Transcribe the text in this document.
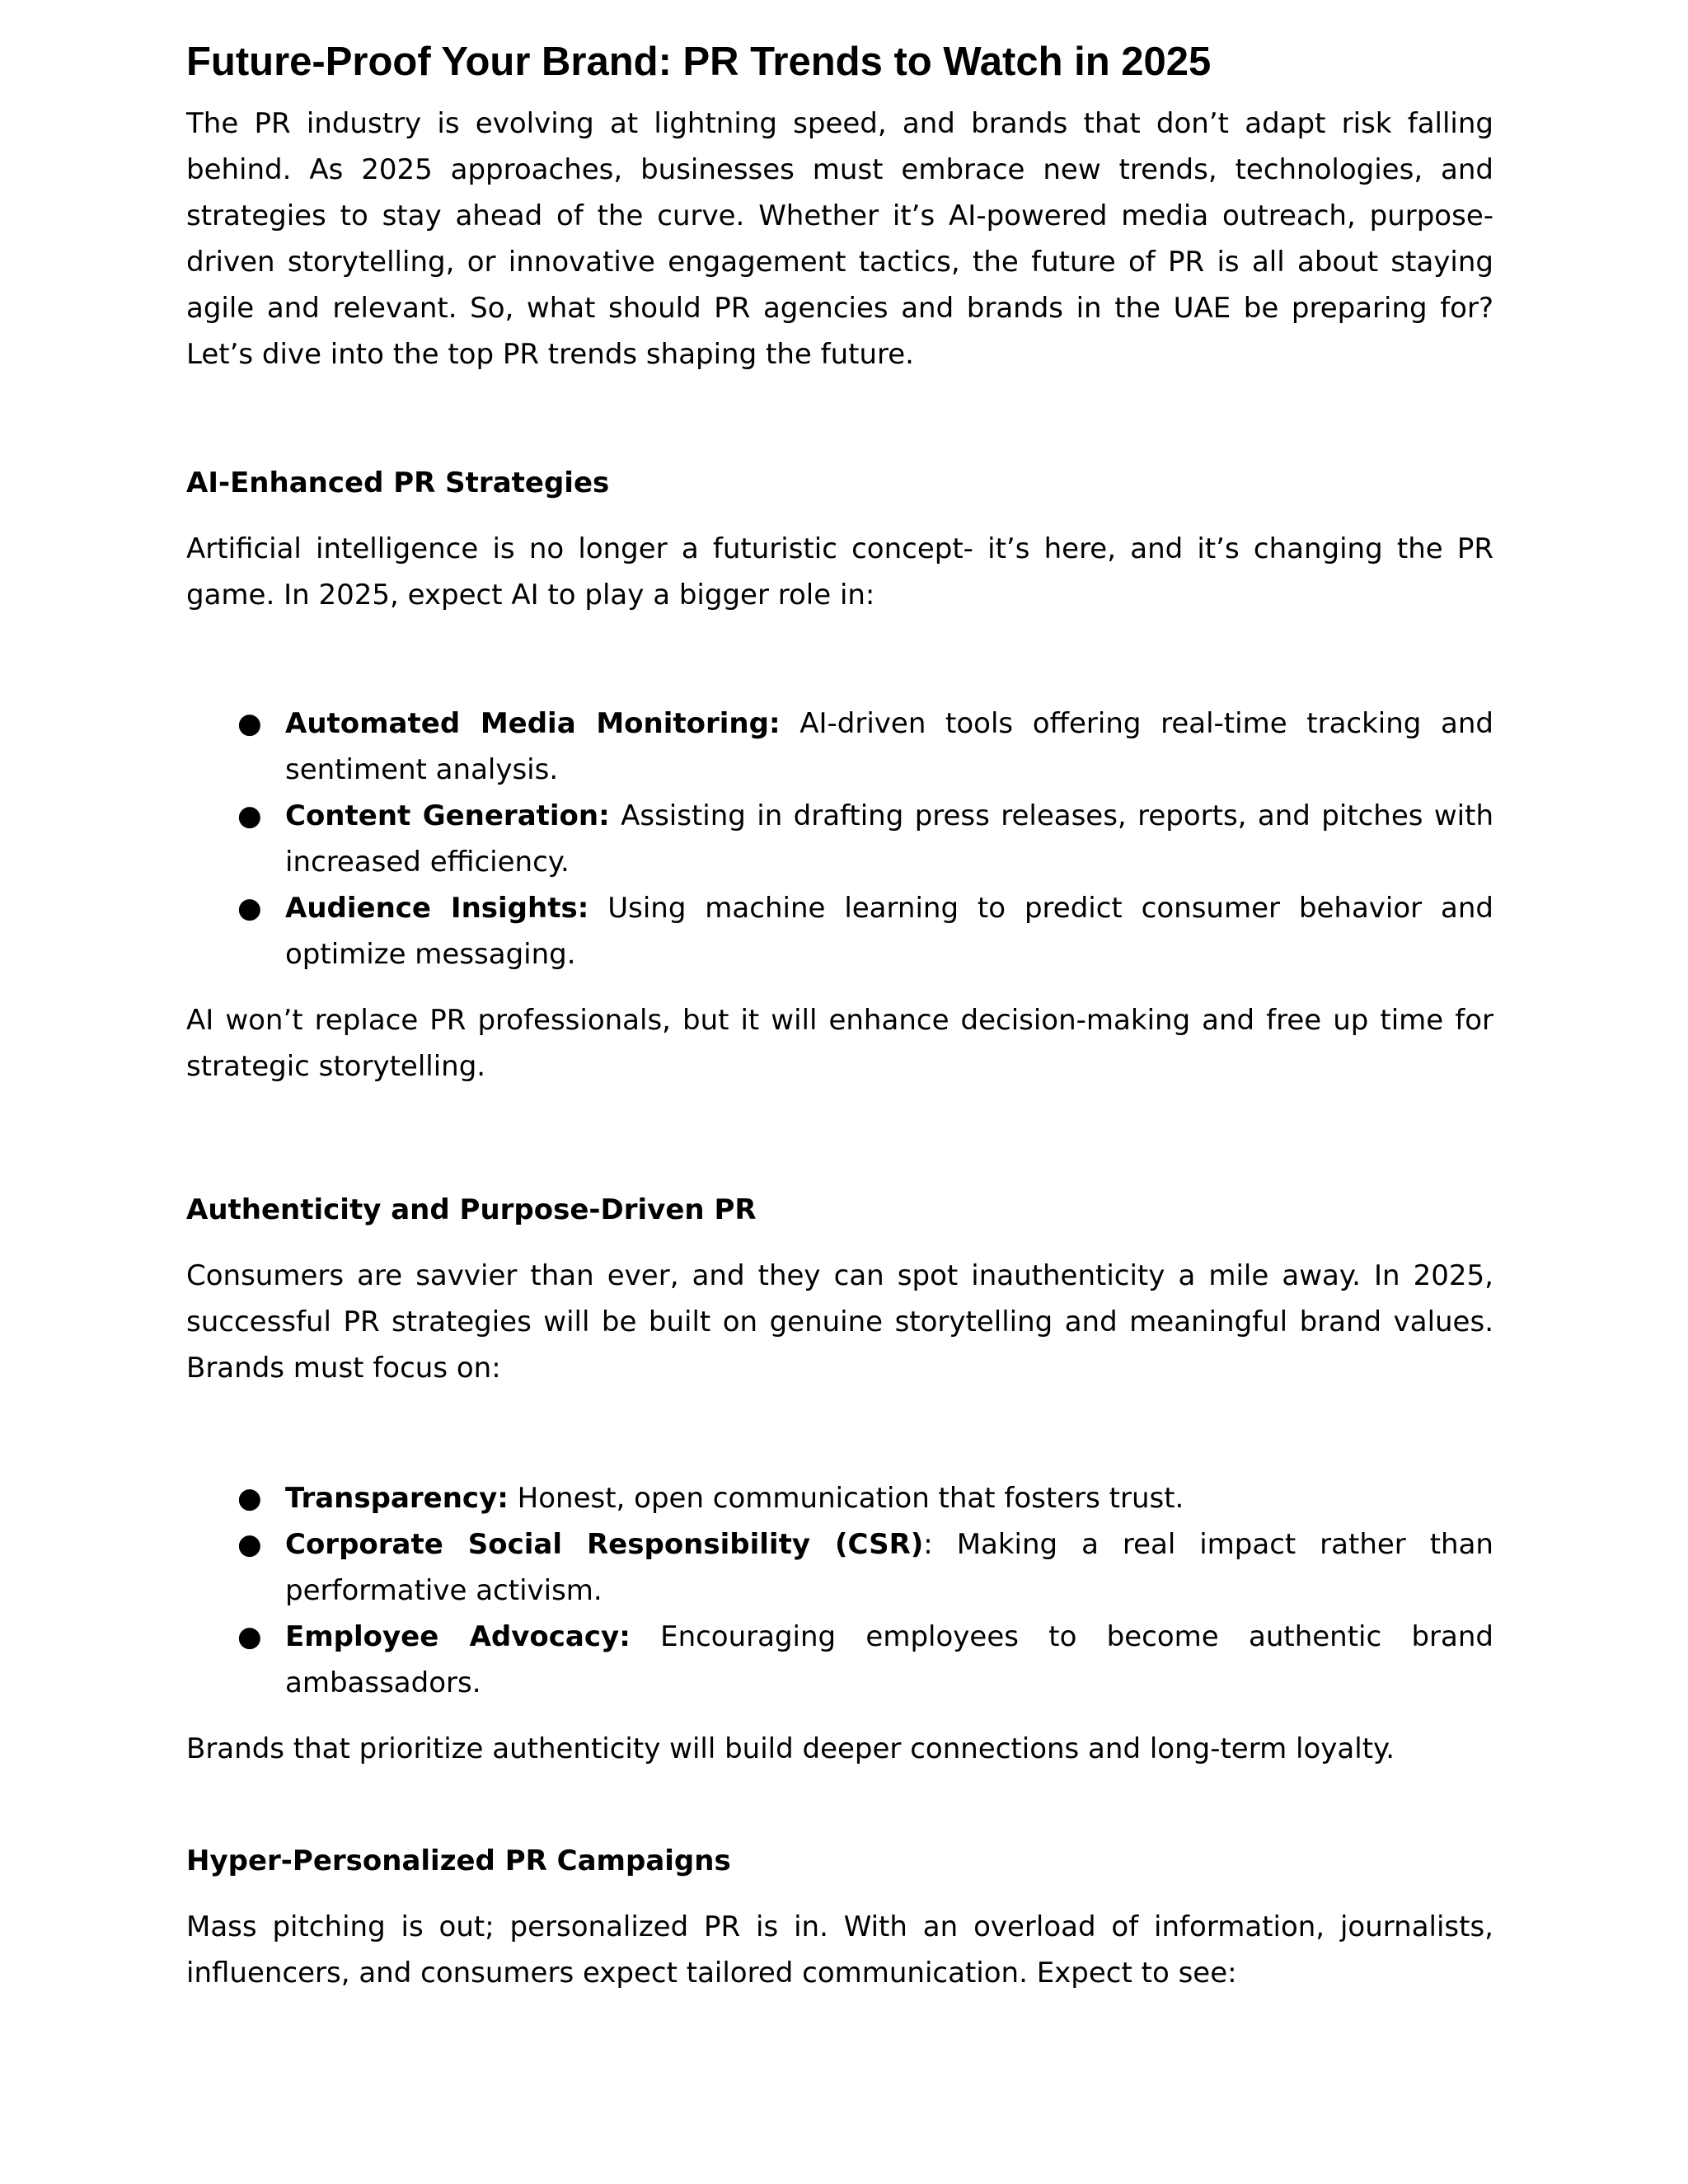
Future-Proof Your Brand: PR Trends to Watch in 2025

The PR industry is evolving at lightning speed, and brands that don’t adapt risk falling behind. As 2025 approaches, businesses must embrace new trends, technologies, and strategies to stay ahead of the curve. Whether it’s AI-powered media outreach, purpose-driven storytelling, or innovative engagement tactics, the future of PR is all about staying agile and relevant. So, what should PR agencies and brands in the UAE be preparing for? Let’s dive into the top PR trends shaping the future.

AI-Enhanced PR Strategies

Artificial intelligence is no longer a futuristic concept- it’s here, and it’s changing the PR game. In 2025, expect AI to play a bigger role in:

● Automated Media Monitoring: AI-driven tools offering real-time tracking and sentiment analysis.
● Content Generation: Assisting in drafting press releases, reports, and pitches with increased efficiency.
● Audience Insights: Using machine learning to predict consumer behavior and optimize messaging.

AI won’t replace PR professionals, but it will enhance decision-making and free up time for strategic storytelling.

Authenticity and Purpose-Driven PR

Consumers are savvier than ever, and they can spot inauthenticity a mile away. In 2025, successful PR strategies will be built on genuine storytelling and meaningful brand values. Brands must focus on:

● Transparency: Honest, open communication that fosters trust.
● Corporate Social Responsibility (CSR): Making a real impact rather than performative activism.
● Employee Advocacy: Encouraging employees to become authentic brand ambassadors.

Brands that prioritize authenticity will build deeper connections and long-term loyalty.

Hyper-Personalized PR Campaigns

Mass pitching is out; personalized PR is in. With an overload of information, journalists, influencers, and consumers expect tailored communication. Expect to see:
